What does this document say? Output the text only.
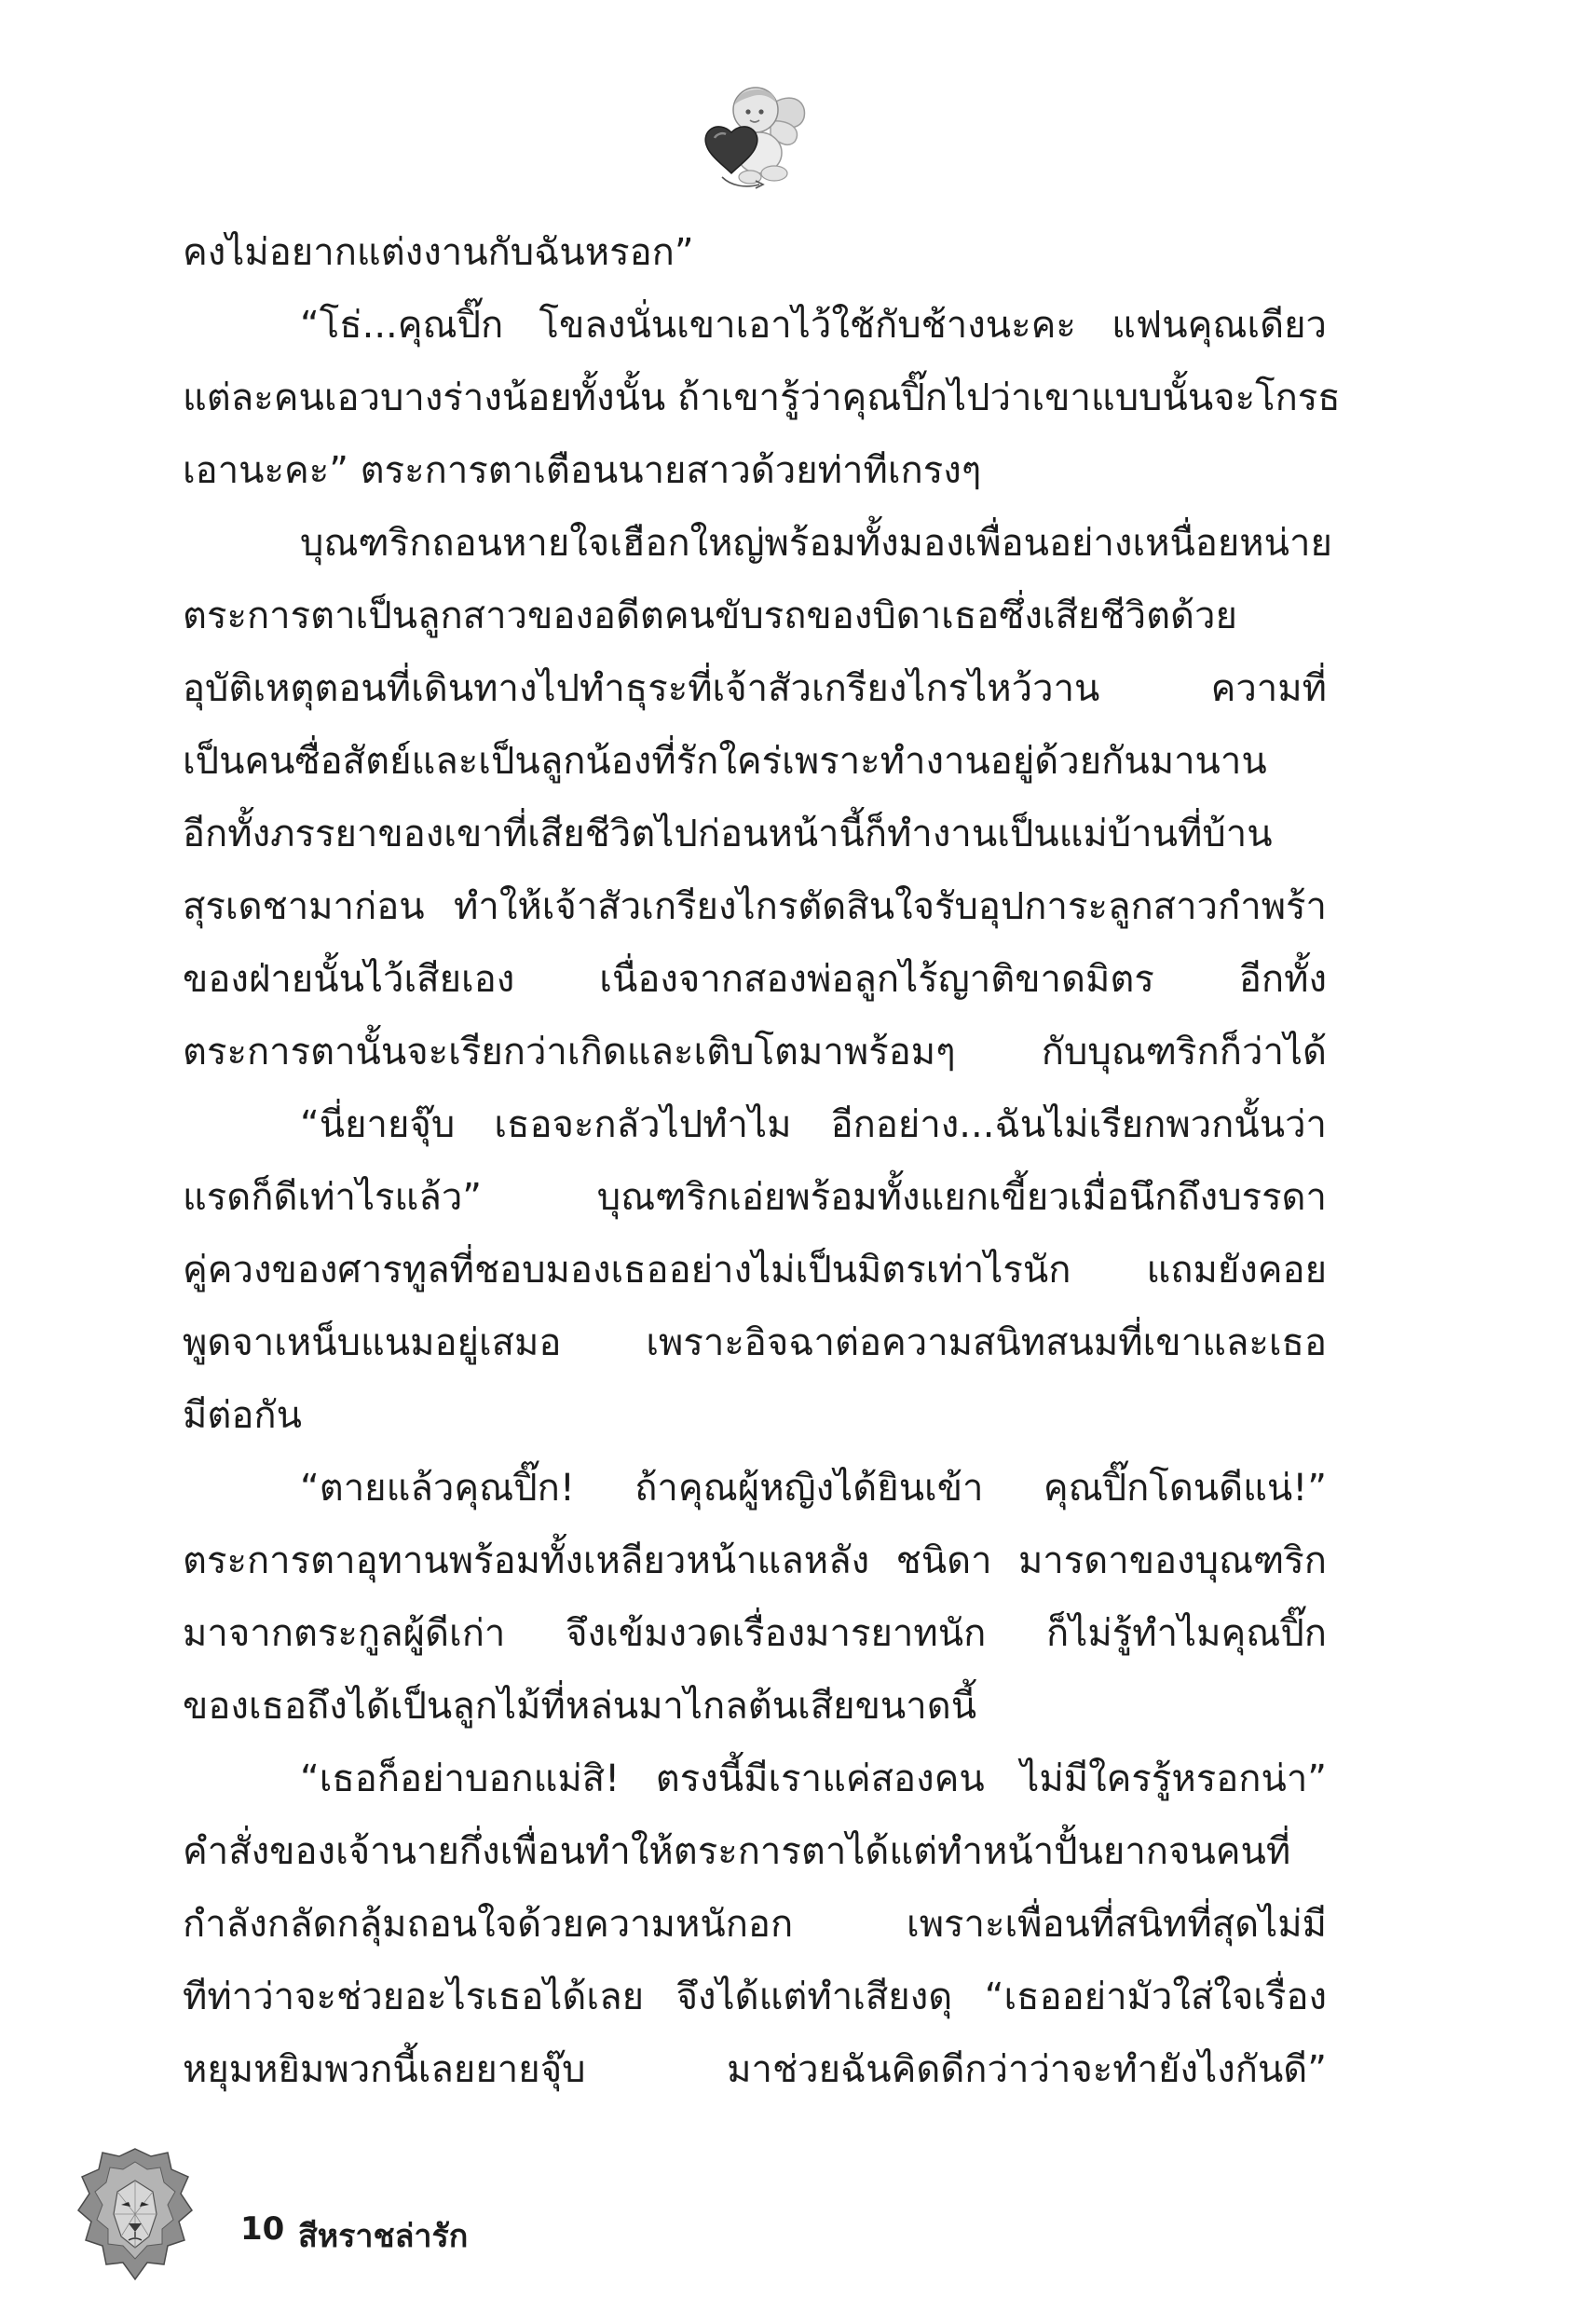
คงไม่อยากแต่งงานกับฉันหรอก”
“โธ่...คุณปิ๊ก โขลงนั่นเขาเอาไว้ใช้กับช้างนะคะ แฟนคุณเดียว
แต่ละคนเอวบางร่างน้อยทั้งนั้น ถ้าเขารู้ว่าคุณปิ๊กไปว่าเขาแบบนั้นจะโกรธ
เอานะคะ” ตระการตาเตือนนายสาวด้วยท่าทีเกรงๆ
บุณฑริกถอนหายใจเฮือกใหญ่พร้อมทั้งมองเพื่อนอย่างเหนื่อยหน่าย
ตระการตาเป็นลูกสาวของอดีตคนขับรถของบิดาเธอซึ่งเสียชีวิตด้วย
อุบัติเหตุตอนที่เดินทางไปทำธุระที่เจ้าสัวเกรียงไกรไหว้วาน ความที่
เป็นคนซื่อสัตย์และเป็นลูกน้องที่รักใคร่เพราะทำงานอยู่ด้วยกันมานาน
อีกทั้งภรรยาของเขาที่เสียชีวิตไปก่อนหน้านี้ก็ทำงานเป็นแม่บ้านที่บ้าน
สุรเดชามาก่อน ทำให้เจ้าสัวเกรียงไกรตัดสินใจรับอุปการะลูกสาวกำพร้า
ของฝ่ายนั้นไว้เสียเอง เนื่องจากสองพ่อลูกไร้ญาติขาดมิตร อีกทั้ง
ตระการตานั้นจะเรียกว่าเกิดและเติบโตมาพร้อมๆ กับบุณฑริกก็ว่าได้
“นี่ยายจุ๊บ เธอจะกลัวไปทำไม อีกอย่าง...ฉันไม่เรียกพวกนั้นว่า
แรดก็ดีเท่าไรแล้ว” บุณฑริกเอ่ยพร้อมทั้งแยกเขี้ยวเมื่อนึกถึงบรรดา
คู่ควงของศารทูลที่ชอบมองเธออย่างไม่เป็นมิตรเท่าไรนัก แถมยังคอย
พูดจาเหน็บแนมอยู่เสมอ เพราะอิจฉาต่อความสนิทสนมที่เขาและเธอ
มีต่อกัน
“ตายแล้วคุณปิ๊ก! ถ้าคุณผู้หญิงได้ยินเข้า คุณปิ๊กโดนดีแน่!”
ตระการตาอุทานพร้อมทั้งเหลียวหน้าแลหลัง ชนิดา มารดาของบุณฑริก
มาจากตระกูลผู้ดีเก่า จึงเข้มงวดเรื่องมารยาทนัก ก็ไม่รู้ทำไมคุณปิ๊ก
ของเธอถึงได้เป็นลูกไม้ที่หล่นมาไกลต้นเสียขนาดนี้
“เธอก็อย่าบอกแม่สิ! ตรงนี้มีเราแค่สองคน ไม่มีใครรู้หรอกน่า”
คำสั่งของเจ้านายกึ่งเพื่อนทำให้ตระการตาได้แต่ทำหน้าปั้นยากจนคนที่
กำลังกลัดกลุ้มถอนใจด้วยความหนักอก เพราะเพื่อนที่สนิทที่สุดไม่มี
ทีท่าว่าจะช่วยอะไรเธอได้เลย จึงได้แต่ทำเสียงดุ “เธออย่ามัวใส่ใจเรื่อง
หยุมหยิมพวกนี้เลยยายจุ๊บ มาช่วยฉันคิดดีกว่าว่าจะทำยังไงกันดี”
10 สีหราชล่ารัก
